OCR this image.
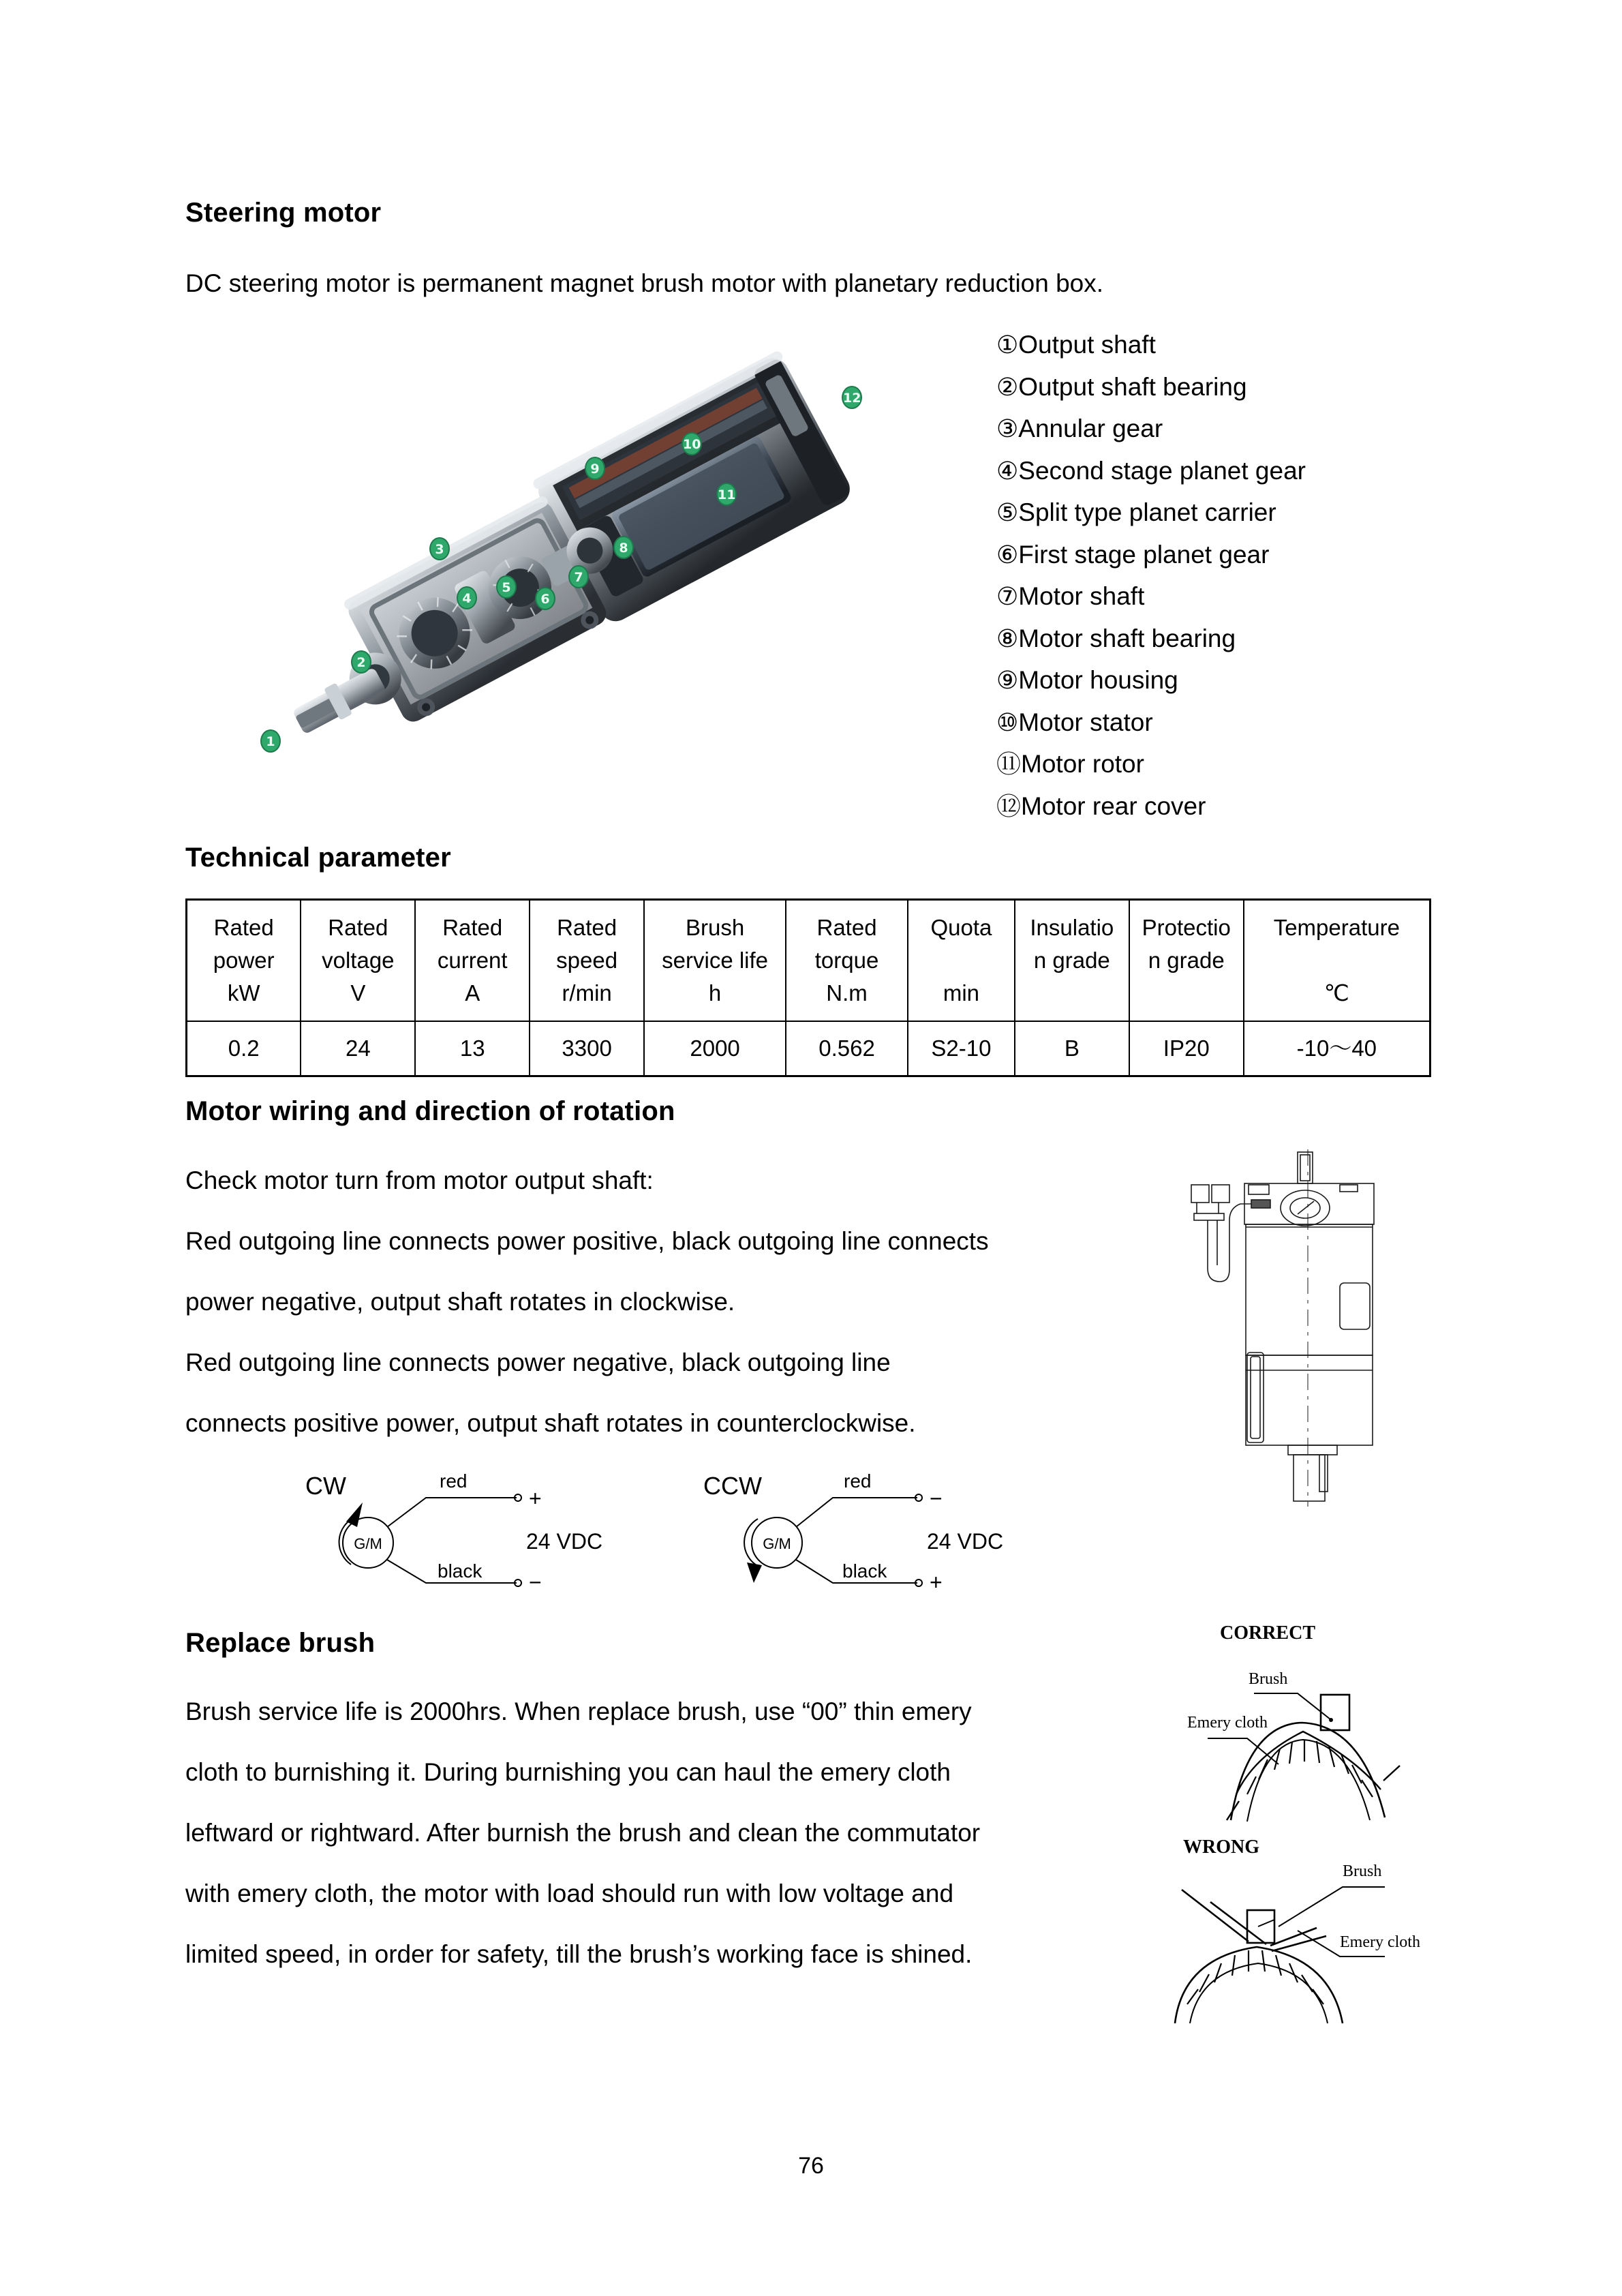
Steering motor
DC steering motor is permanent magnet brush motor with planetary reduction box.
1
2
3
4
5
6
7
8
9
10
11
12
①Output shaft
②Output shaft bearing
③Annular gear
④Second stage planet gear
⑤Split type planet carrier
⑥First stage planet gear
⑦Motor shaft
⑧Motor shaft bearing
⑨Motor housing
⑩Motor stator
⑪Motor rotor
⑫Motor rear cover
Technical parameter
Rated
power
kW	Rated
voltage
V	Rated
current
A	Rated
speed
r/min	Brush
service life
h	Rated
torque
N.m	Quota

min	Insulatio
n grade	Protectio
n grade	Temperature

℃

0.2	24	13	3300	2000	0.562	S2-10	B	IP20	-10～40
Motor wiring and direction of rotation
Check motor turn from motor output shaft:
Red outgoing line connects power positive, black outgoing line connects
power negative, output shaft rotates in clockwise.
Red outgoing line connects power negative, black outgoing line
connects positive power, output shaft rotates in counterclockwise.
CW
G/M
red
black
+
−
24 VDC
CCW
G/M
red
black
−
+
24 VDC
Replace brush
Brush service life is 2000hrs. When replace brush, use “00” thin emery
cloth to burnishing it. During burnishing you can haul the emery cloth
leftward or rightward. After burnish the brush and clean the commutator
with emery cloth, the motor with load should run with low voltage and
limited speed, in order for safety, till the brush’s working face is shined.
CORRECT
Brush
Emery cloth
WRONG
Brush
Emery cloth
76
